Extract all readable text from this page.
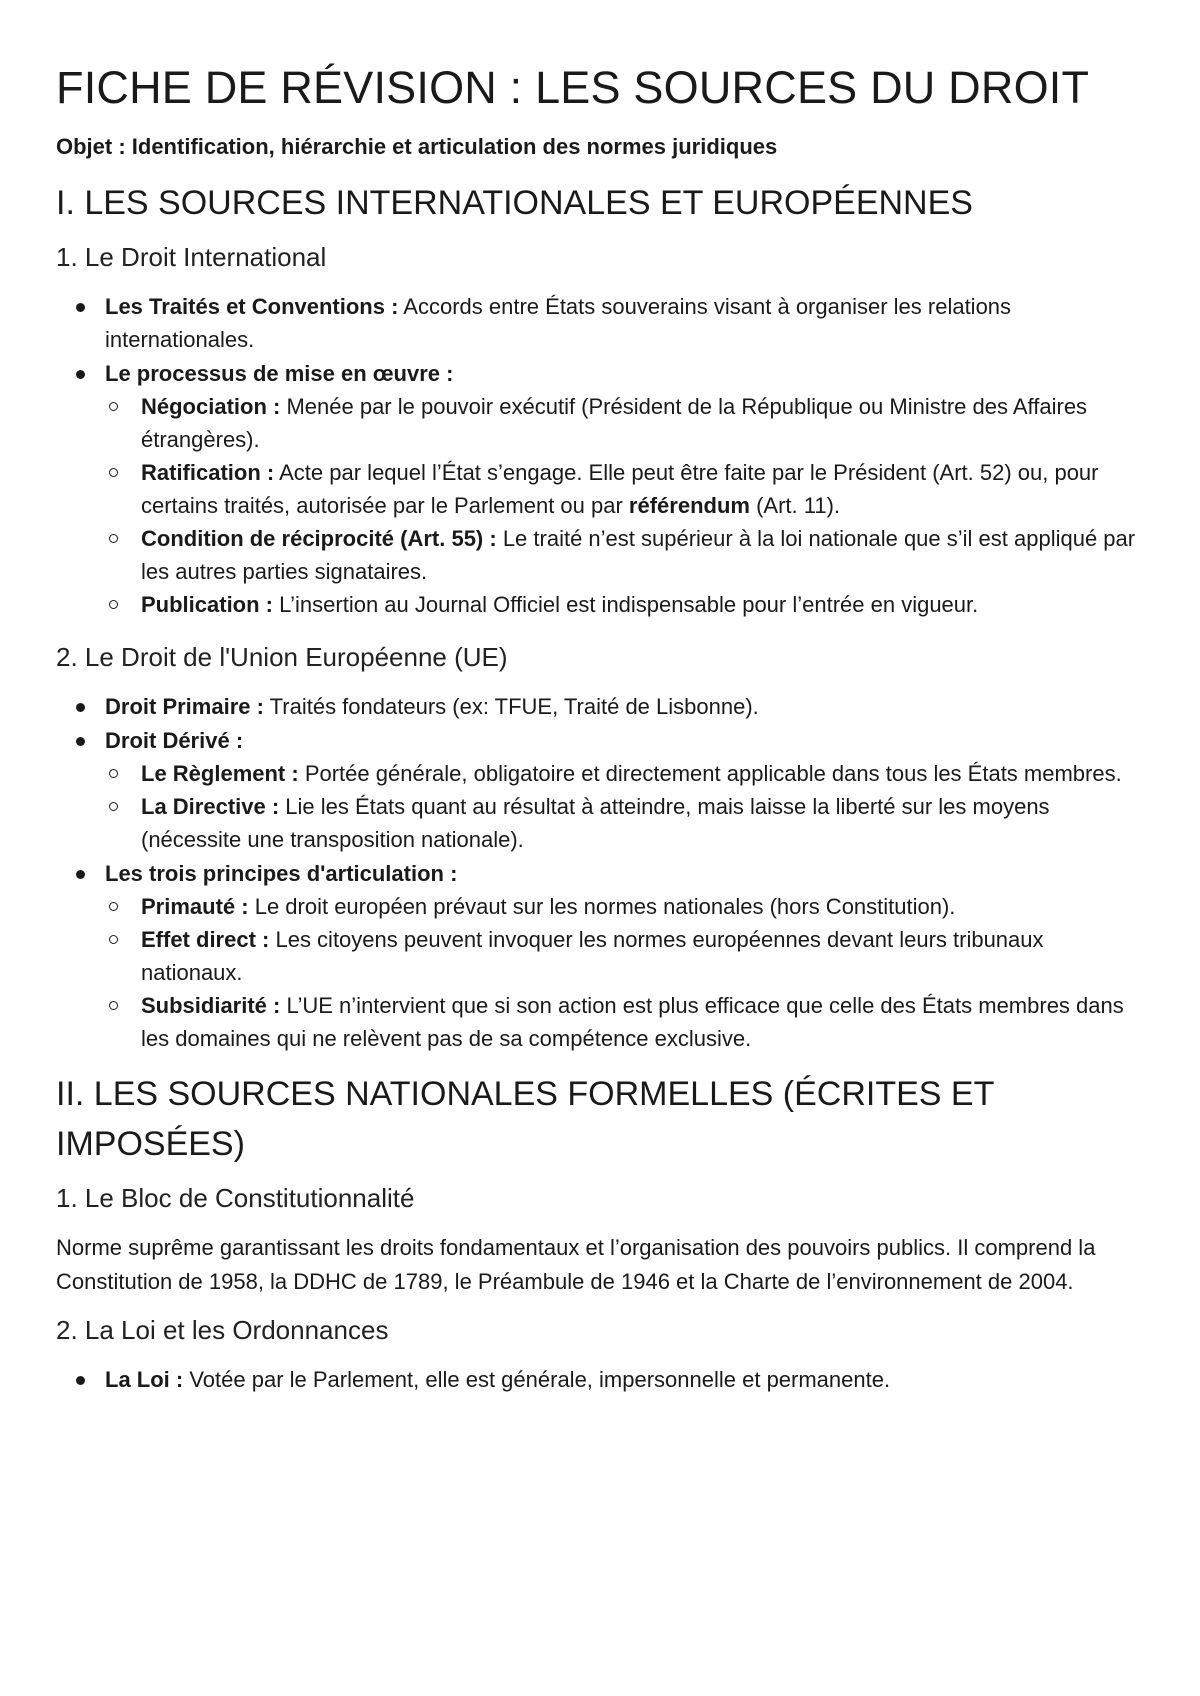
FICHE DE RÉVISION : LES SOURCES DU DROIT
Objet : Identification, hiérarchie et articulation des normes juridiques
I. LES SOURCES INTERNATIONALES ET EUROPÉENNES
1. Le Droit International
Les Traités et Conventions : Accords entre États souverains visant à organiser les relations internationales.
Le processus de mise en œuvre :
Négociation : Menée par le pouvoir exécutif (Président de la République ou Ministre des Affaires étrangères).
Ratification : Acte par lequel l’État s’engage. Elle peut être faite par le Président (Art. 52) ou, pour certains traités, autorisée par le Parlement ou par référendum (Art. 11).
Condition de réciprocité (Art. 55) : Le traité n’est supérieur à la loi nationale que s’il est appliqué par les autres parties signataires.
Publication : L’insertion au Journal Officiel est indispensable pour l’entrée en vigueur.
2. Le Droit de l'Union Européenne (UE)
Droit Primaire : Traités fondateurs (ex: TFUE, Traité de Lisbonne).
Droit Dérivé :
Le Règlement : Portée générale, obligatoire et directement applicable dans tous les États membres.
La Directive : Lie les États quant au résultat à atteindre, mais laisse la liberté sur les moyens (nécessite une transposition nationale).
Les trois principes d'articulation :
Primauté : Le droit européen prévaut sur les normes nationales (hors Constitution).
Effet direct : Les citoyens peuvent invoquer les normes européennes devant leurs tribunaux nationaux.
Subsidiarité : L’UE n’intervient que si son action est plus efficace que celle des États membres dans les domaines qui ne relèvent pas de sa compétence exclusive.
II. LES SOURCES NATIONALES FORMELLES (ÉCRITES ET IMPOSÉES)
1. Le Bloc de Constitutionnalité

Norme suprême garantissant les droits fondamentaux et l’organisation des pouvoirs publics. Il comprend la Constitution de 1958, la DDHC de 1789, le Préambule de 1946 et la Charte de l’environnement de 2004.

2. La Loi et les Ordonnances
La Loi : Votée par le Parlement, elle est générale, impersonnelle et permanente.
